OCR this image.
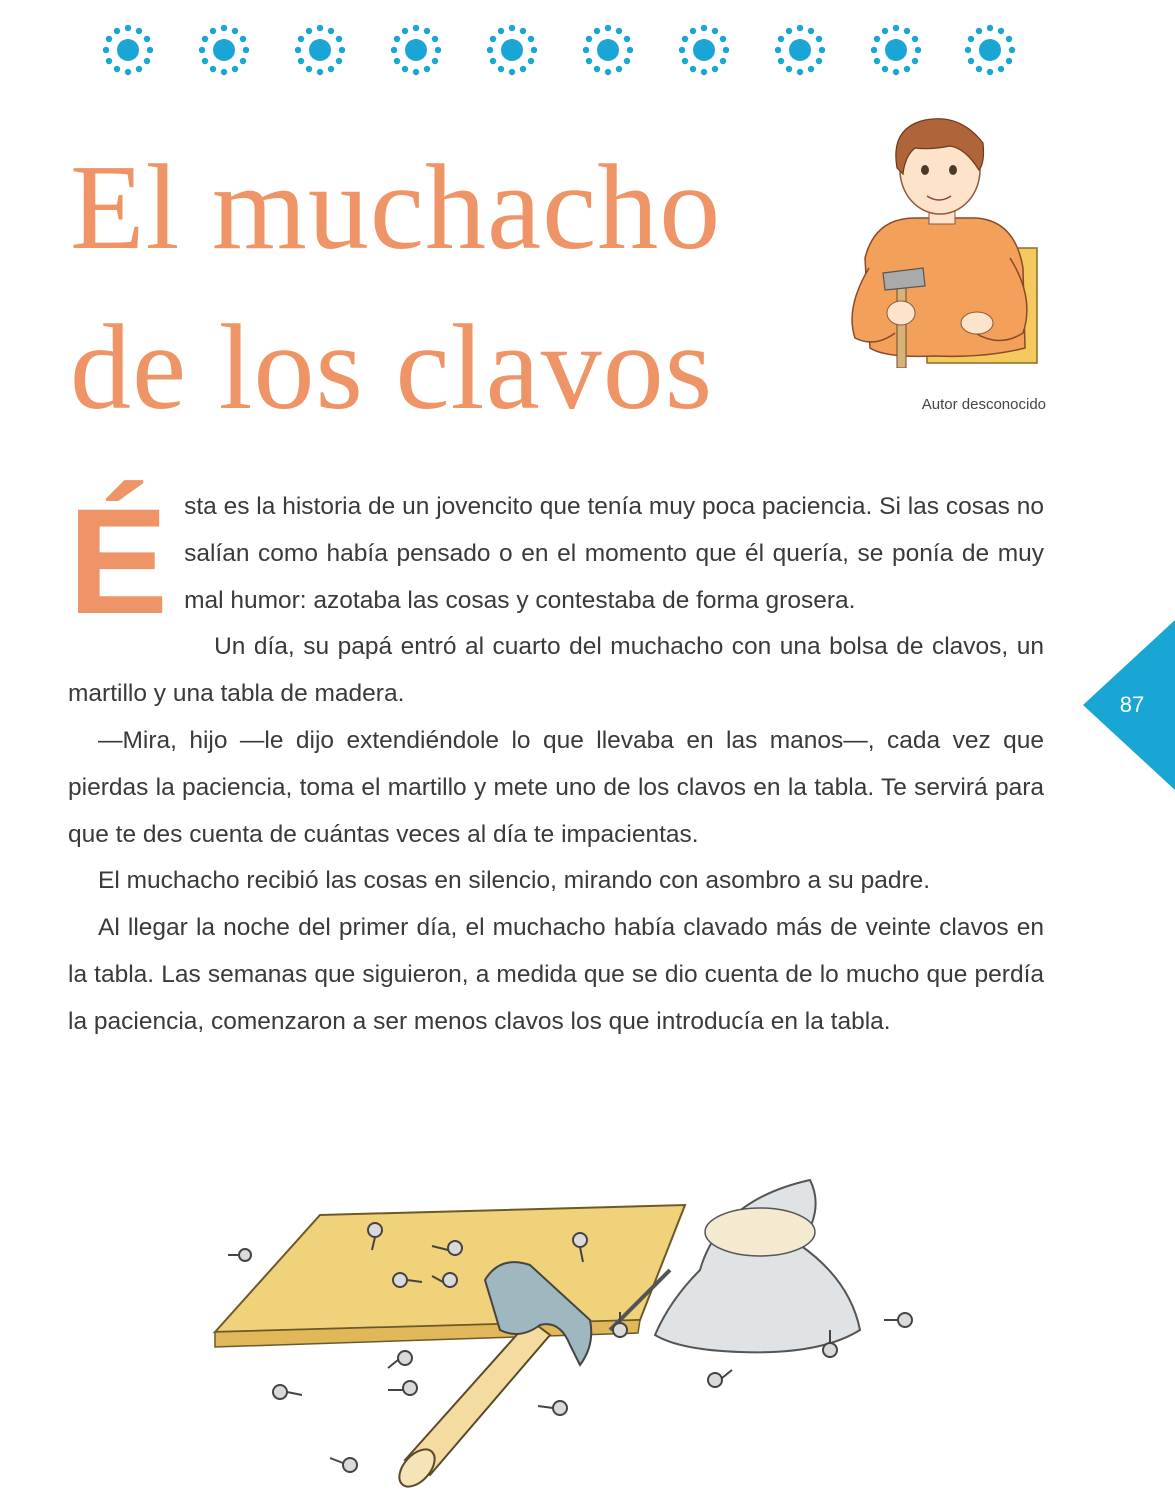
El muchacho
de los clavos	Autor desconocido

Ésta es la historia de un jovencito que tenía muy poca paciencia. Si las cosas no salían como había pensado o en el momento que él quería, se ponía de muy mal humor: azotaba las cosas y contestaba de forma grosera.

Un día, su papá entró al cuarto del muchacho con una bolsa de clavos, un martillo y una tabla de madera.

—Mira, hijo —le dijo extendiéndole lo que llevaba en las manos—, cada vez que pierdas la paciencia, toma el martillo y mete uno de los clavos en la tabla. Te servirá para que te des cuenta de cuántas veces al día te impacientas.

El muchacho recibió las cosas en silencio, mirando con asombro a su padre.

Al llegar la noche del primer día, el muchacho había clavado más de veinte clavos en la tabla. Las semanas que siguieron, a medida que se dio cuenta de lo mucho que perdía la paciencia, comenzaron a ser menos clavos los que introducía en la tabla.

87
